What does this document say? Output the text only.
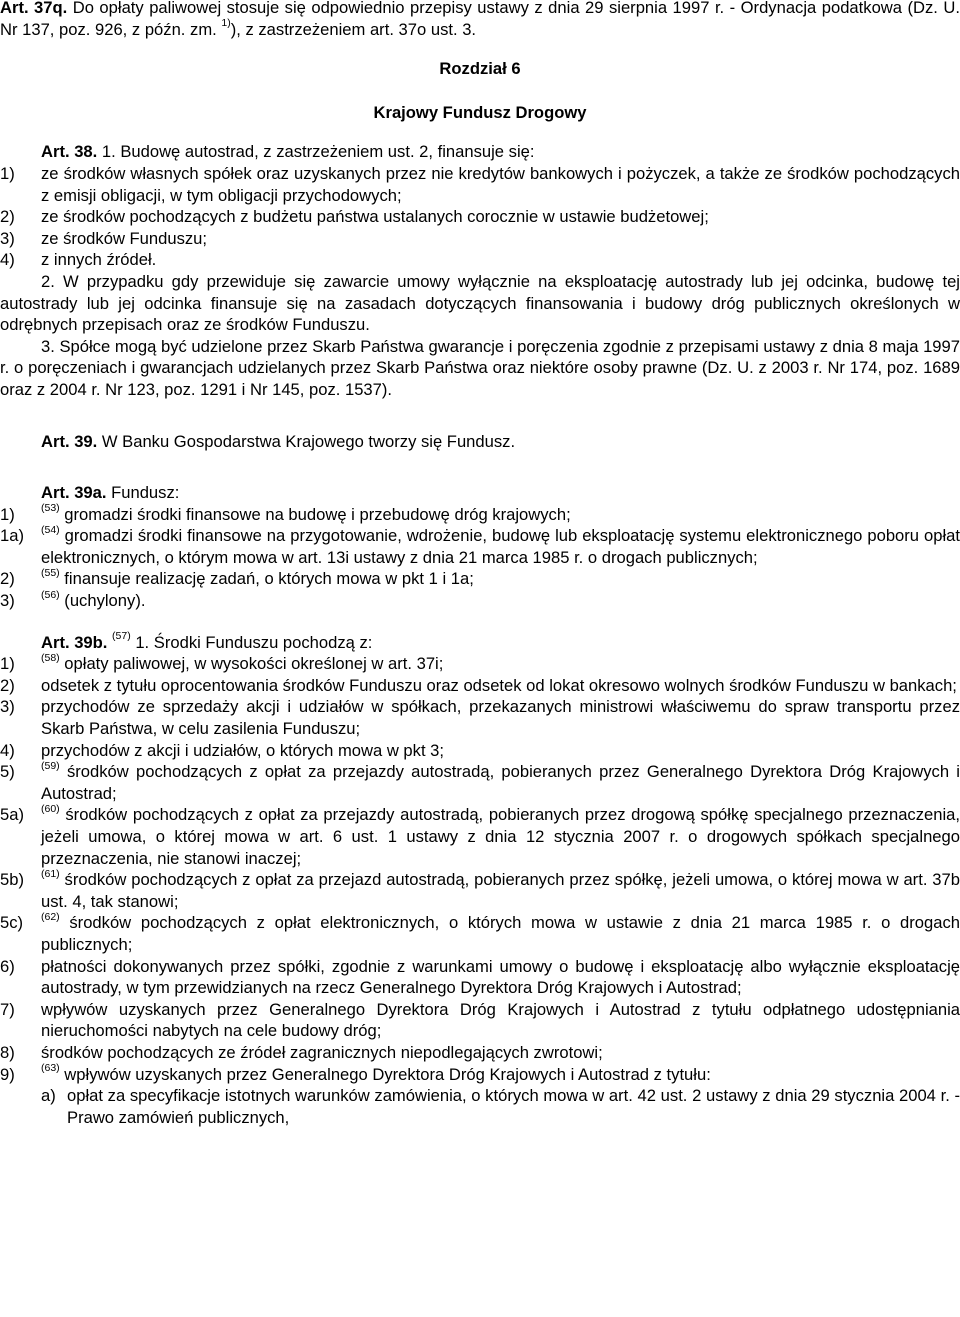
Art. 37q. Do opłaty paliwowej stosuje się odpowiednio przepisy ustawy z dnia 29 sierpnia 1997 r. - Ordynacja podatkowa (Dz. U. Nr 137, poz. 926, z późn. zm. $^{1)}$), z zastrzeżeniem art. 37o ust. 3.
Rozdział 6
Krajowy Fundusz Drogowy
Art. 38. 1. Budowę autostrad, z zastrzeżeniem ust. 2, finansuje się:
1) ze środków własnych spółek oraz uzyskanych przez nie kredytów bankowych i pożyczek, a także ze środków pochodzących z emisji obligacji, w tym obligacji przychodowych;
2) ze środków pochodzących z budżetu państwa ustalanych corocznie w ustawie budżetowej;
3) ze środków Funduszu;
4) z innych źródeł.
2. W przypadku gdy przewiduje się zawarcie umowy wyłącznie na eksploatację autostrady lub jej odcinka, budowę tej autostrady lub jej odcinka finansuje się na zasadach dotyczących finansowania i budowy dróg publicznych określonych w odrębnych przepisach oraz ze środków Funduszu.
3. Spółce mogą być udzielone przez Skarb Państwa gwarancje i poręczenia zgodnie z przepisami ustawy z dnia 8 maja 1997 r. o poręczeniach i gwarancjach udzielanych przez Skarb Państwa oraz niektóre osoby prawne (Dz. U. z 2003 r. Nr 174, poz. 1689 oraz z 2004 r. Nr 123, poz. 1291 i Nr 145, poz. 1537).
Art. 39. W Banku Gospodarstwa Krajowego tworzy się Fundusz.
Art. 39a. Fundusz:
1) $^{(53)}$ gromadzi środki finansowe na budowę i przebudowę dróg krajowych;
1a) $^{(54)}$ gromadzi środki finansowe na przygotowanie, wdrożenie, budowę lub eksploatację systemu elektronicznego poboru opłat elektronicznych, o którym mowa w art. 13i ustawy z dnia 21 marca 1985 r. o drogach publicznych;
2) $^{(55)}$ finansuje realizację zadań, o których mowa w pkt 1 i 1a;
3) $^{(56)}$ (uchylony).
Art. 39b. $^{(57)}$ 1. Środki Funduszu pochodzą z:
1) $^{(58)}$ opłaty paliwowej, w wysokości określonej w art. 37i;
2) odsetek z tytułu oprocentowania środków Funduszu oraz odsetek od lokat okresowo wolnych środków Funduszu w bankach;
3) przychodów ze sprzedaży akcji i udziałów w spółkach, przekazanych ministrowi właściwemu do spraw transportu przez Skarb Państwa, w celu zasilenia Funduszu;
4) przychodów z akcji i udziałów, o których mowa w pkt 3;
5) $^{(59)}$ środków pochodzących z opłat za przejazdy autostradą, pobieranych przez Generalnego Dyrektora Dróg Krajowych i Autostrad;
5a) $^{(60)}$ środków pochodzących z opłat za przejazdy autostradą, pobieranych przez drogową spółkę specjalnego przeznaczenia, jeżeli umowa, o której mowa w art. 6 ust. 1 ustawy z dnia 12 stycznia 2007 r. o drogowych spółkach specjalnego przeznaczenia, nie stanowi inaczej;
5b) $^{(61)}$ środków pochodzących z opłat za przejazd autostradą, pobieranych przez spółkę, jeżeli umowa, o której mowa w art. 37b ust. 4, tak stanowi;
5c) $^{(62)}$ środków pochodzących z opłat elektronicznych, o których mowa w ustawie z dnia 21 marca 1985 r. o drogach publicznych;
6) płatności dokonywanych przez spółki, zgodnie z warunkami umowy o budowę i eksploatację albo wyłącznie eksploatację autostrady, w tym przewidzianych na rzecz Generalnego Dyrektora Dróg Krajowych i Autostrad;
7) wpływów uzyskanych przez Generalnego Dyrektora Dróg Krajowych i Autostrad z tytułu odpłatnego udostępniania nieruchomości nabytych na cele budowy dróg;
8) środków pochodzących ze źródeł zagranicznych niepodlegających zwrotowi;
9) $^{(63)}$ wpływów uzyskanych przez Generalnego Dyrektora Dróg Krajowych i Autostrad z tytułu:
a) opłat za specyfikacje istotnych warunków zamówienia, o których mowa w art. 42 ust. 2 ustawy z dnia 29 stycznia 2004 r. - Prawo zamówień publicznych,
